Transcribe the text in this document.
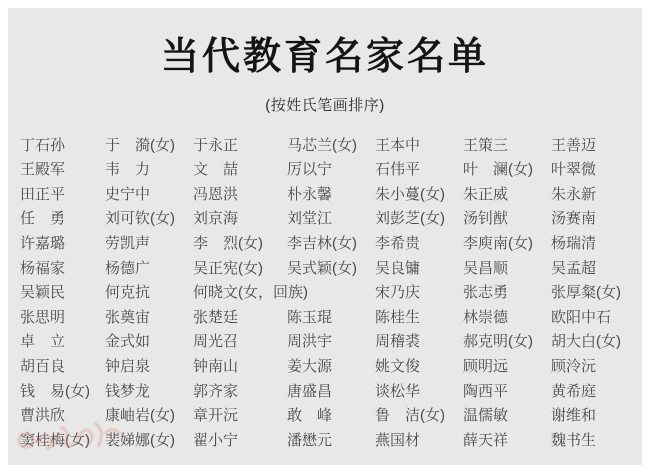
当代教育名家名单
(按姓氏笔画排序)
丁石孙	于　漪(女)	于永正	马芯兰(女)	王本中	王策三	王善迈
王殿军	韦　力	文　喆	厉以宁	石伟平	叶　澜(女)	叶翠微
田正平	史宁中	冯恩洪	朴永馨	朱小蔓(女)	朱正威	朱永新
任　勇	刘可钦(女)	刘京海	刘堂江	刘彭芝(女)	汤钊猷	汤赛南
许嘉璐	劳凯声	李　烈(女)	李吉林(女)	李希贵	李庾南(女)	杨瑞清
杨福家	杨德广	吴正宪(女)	吴式颖(女)	吴良镛	吴昌顺	吴孟超
吴颖民	何克抗	何晓文(女，回族)	宋乃庆	张志勇	张厚粲(女)
张思明	张奠宙	张楚廷	陈玉琨	陈桂生	林崇德	欧阳中石
卓　立	金式如	周光召	周洪宇	周稽裘	郝克明(女)	胡大白(女)
胡百良	钟启泉	钟南山	姜大源	姚文俊	顾明远	顾泠沅
钱　易(女)	钱梦龙	郭齐家	唐盛昌	谈松华	陶西平	黄希庭
曹洪欣	康岫岩(女)	章开沅	敢　峰	鲁　洁(女)	温儒敏	谢维和
窦桂梅(女)	裴娣娜(女)	翟小宁	潘懋元	燕国材	薛天祥	魏书生
